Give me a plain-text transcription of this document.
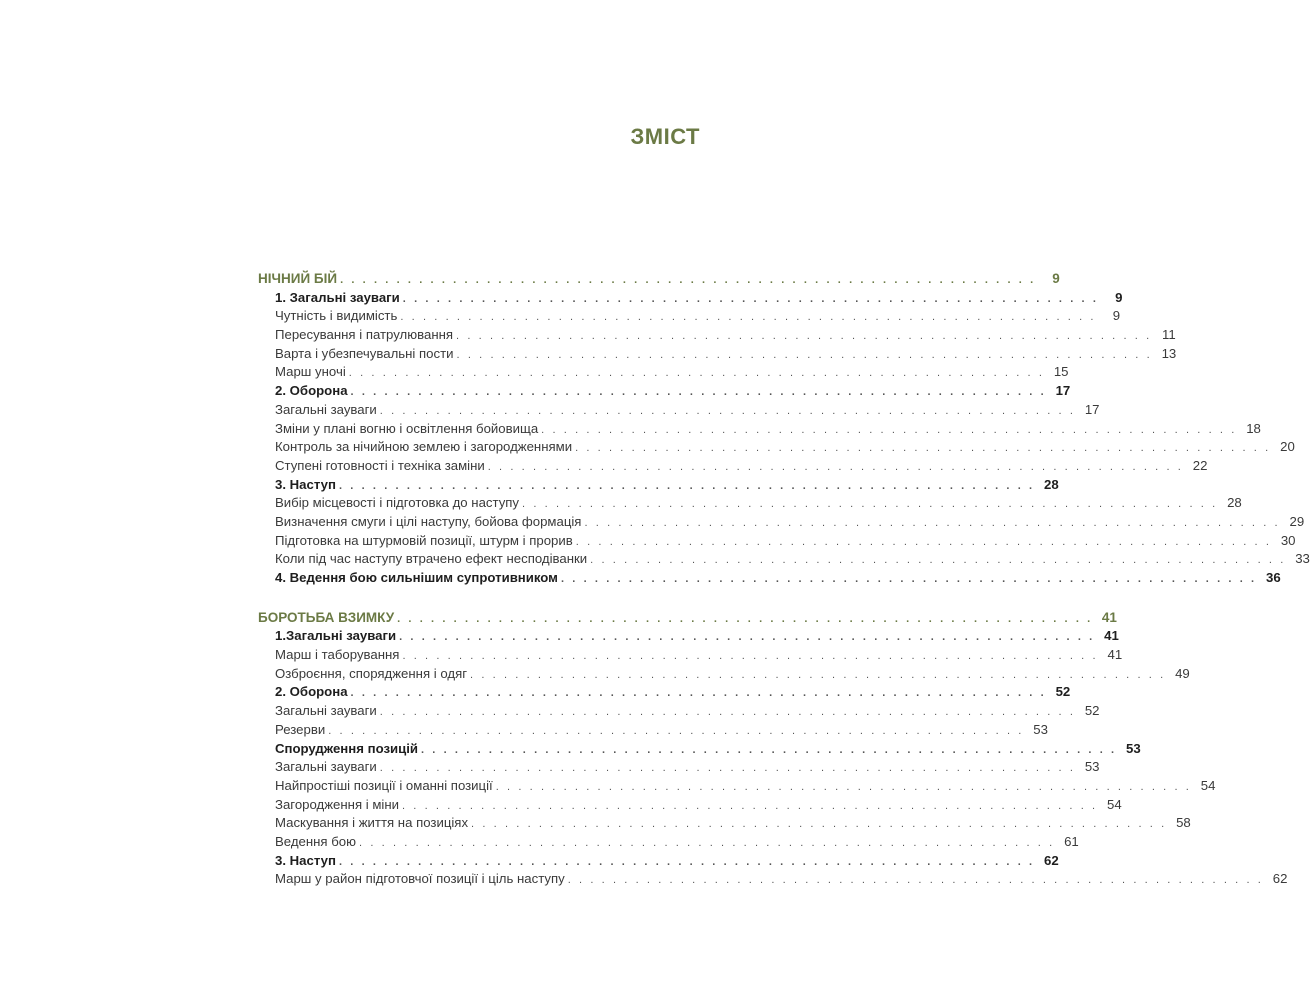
ЗМІСТ
НІЧНИЙ БІЙ . . . . . . . . . . . . . . . . . . . . . . . . . . . . . . . . . . . . . . . . . . . . . . . . . . . . . . . . . . . . . .	9
1. Загальні зауваги . . . . . . . . . . . . . . . . . . . . . . . . . . . . . . . . . . . . . . . . . . . . . . . . . . . . . . . . . . . . . .	9
Чутність і видимість . . . . . . . . . . . . . . . . . . . . . . . . . . . . . . . . . . . . . . . . . . . . . . . . . . . . . . . . . . . . . .	9
Пересування і патрулювання . . . . . . . . . . . . . . . . . . . . . . . . . . . . . . . . . . . . . . . . . . . . . . . . . . . . . . . . . . . . . . 11
Варта і убезпечувальні пости . . . . . . . . . . . . . . . . . . . . . . . . . . . . . . . . . . . . . . . . . . . . . . . . . . . . . . . . . . . . . . 13
Марш уночі . . . . . . . . . . . . . . . . . . . . . . . . . . . . . . . . . . . . . . . . . . . . . . . . . . . . . . . . . . . . . . 15
2. Оборона . . . . . . . . . . . . . . . . . . . . . . . . . . . . . . . . . . . . . . . . . . . . . . . . . . . . . . . . . . . . . . 17
Загальні зауваги . . . . . . . . . . . . . . . . . . . . . . . . . . . . . . . . . . . . . . . . . . . . . . . . . . . . . . . . . . . . . . 17
Зміни у плані вогню і освітлення бойовища . . . . . . . . . . . . . . . . . . . . . . . . . . . . . . . . . . . . . . . . . . . . . . . . . . . . . . . . . . . . . . 18
Контроль за нічийною землею і загородженнями . . . . . . . . . . . . . . . . . . . . . . . . . . . . . . . . . . . . . . . . . . . . . . . . . . . . . . . . . . . . . . 20
Ступені готовності і техніка заміни . . . . . . . . . . . . . . . . . . . . . . . . . . . . . . . . . . . . . . . . . . . . . . . . . . . . . . . . . . . . . . 22
3. Наступ . . . . . . . . . . . . . . . . . . . . . . . . . . . . . . . . . . . . . . . . . . . . . . . . . . . . . . . . . . . . . . 28
Вибір місцевості і підготовка до наступу . . . . . . . . . . . . . . . . . . . . . . . . . . . . . . . . . . . . . . . . . . . . . . . . . . . . . . . . . . . . . . 28
Визначення смуги і цілі наступу, бойова формація . . . . . . . . . . . . . . . . . . . . . . . . . . . . . . . . . . . . . . . . . . . . . . . . . . . . . . . . . . . . . . 29
Підготовка на штурмовій позиції, штурм і прорив . . . . . . . . . . . . . . . . . . . . . . . . . . . . . . . . . . . . . . . . . . . . . . . . . . . . . . . . . . . . . . 30
Коли під час наступу втрачено ефект несподіванки . . . . . . . . . . . . . . . . . . . . . . . . . . . . . . . . . . . . . . . . . . . . . . . . . . . . . . . . . . . . . . 33
4. Ведення бою сильнішим супротивником . . . . . . . . . . . . . . . . . . . . . . . . . . . . . . . . . . . . . . . . . . . . . . . . . . . . . . . . . . . . . . 36
БОРОТЬБА ВЗИМКУ . . . . . . . . . . . . . . . . . . . . . . . . . . . . . . . . . . . . . . . . . . . . . . . . . . . . . . . . . . . . . . 41
1.Загальні зауваги . . . . . . . . . . . . . . . . . . . . . . . . . . . . . . . . . . . . . . . . . . . . . . . . . . . . . . . . . . . . . . 41
Марш і таборування . . . . . . . . . . . . . . . . . . . . . . . . . . . . . . . . . . . . . . . . . . . . . . . . . . . . . . . . . . . . . . 41
Озброєння, спорядження і одяг . . . . . . . . . . . . . . . . . . . . . . . . . . . . . . . . . . . . . . . . . . . . . . . . . . . . . . . . . . . . . . 49
2. Оборона . . . . . . . . . . . . . . . . . . . . . . . . . . . . . . . . . . . . . . . . . . . . . . . . . . . . . . . . . . . . . . 52
Загальні зауваги . . . . . . . . . . . . . . . . . . . . . . . . . . . . . . . . . . . . . . . . . . . . . . . . . . . . . . . . . . . . . . 52
Резерви . . . . . . . . . . . . . . . . . . . . . . . . . . . . . . . . . . . . . . . . . . . . . . . . . . . . . . . . . . . . . . 53
Спорудження позицій . . . . . . . . . . . . . . . . . . . . . . . . . . . . . . . . . . . . . . . . . . . . . . . . . . . . . . . . . . . . . . 53
Загальні зауваги . . . . . . . . . . . . . . . . . . . . . . . . . . . . . . . . . . . . . . . . . . . . . . . . . . . . . . . . . . . . . . 53
Найпростіші позиції і оманні позиції . . . . . . . . . . . . . . . . . . . . . . . . . . . . . . . . . . . . . . . . . . . . . . . . . . . . . . . . . . . . . . 54
Загородження і міни . . . . . . . . . . . . . . . . . . . . . . . . . . . . . . . . . . . . . . . . . . . . . . . . . . . . . . . . . . . . . . 54
Маскування і життя на позиціях . . . . . . . . . . . . . . . . . . . . . . . . . . . . . . . . . . . . . . . . . . . . . . . . . . . . . . . . . . . . . . 58
Ведення бою . . . . . . . . . . . . . . . . . . . . . . . . . . . . . . . . . . . . . . . . . . . . . . . . . . . . . . . . . . . . . . 61
3. Наступ . . . . . . . . . . . . . . . . . . . . . . . . . . . . . . . . . . . . . . . . . . . . . . . . . . . . . . . . . . . . . . 62
Марш у район підготовчої позиції і ціль наступу . . . . . . . . . . . . . . . . . . . . . . . . . . . . . . . . . . . . . . . . . . . . . . . . . . . . . . . . . . . . . . 62
